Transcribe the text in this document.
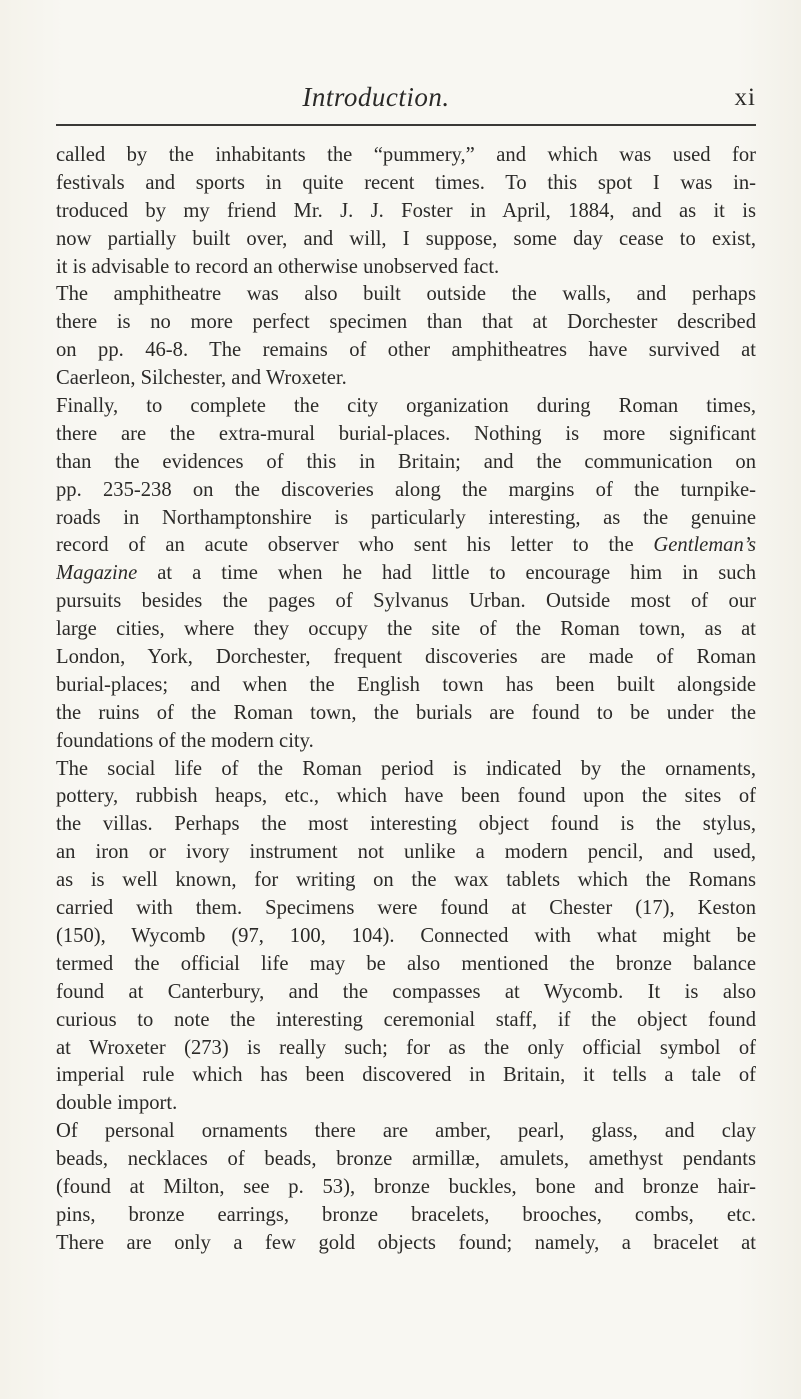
Introduction.	xi
called by the inhabitants the “pummery,” and which was used for
festivals and sports in quite recent times. To this spot I was in-
troduced by my friend Mr. J. J. Foster in April, 1884, and as it is
now partially built over, and will, I suppose, some day cease to exist,
it is advisable to record an otherwise unobserved fact.
The amphitheatre was also built outside the walls, and perhaps
there is no more perfect specimen than that at Dorchester described
on pp. 46-8. The remains of other amphitheatres have survived at
Caerleon, Silchester, and Wroxeter.
Finally, to complete the city organization during Roman times,
there are the extra-mural burial-places. Nothing is more significant
than the evidences of this in Britain; and the communication on
pp. 235-238 on the discoveries along the margins of the turnpike-
roads in Northamptonshire is particularly interesting, as the genuine
record of an acute observer who sent his letter to the Gentleman’s
Magazine at a time when he had little to encourage him in such
pursuits besides the pages of Sylvanus Urban. Outside most of our
large cities, where they occupy the site of the Roman town, as at
London, York, Dorchester, frequent discoveries are made of Roman
burial-places; and when the English town has been built alongside
the ruins of the Roman town, the burials are found to be under the
foundations of the modern city.
The social life of the Roman period is indicated by the ornaments,
pottery, rubbish heaps, etc., which have been found upon the sites of
the villas. Perhaps the most interesting object found is the stylus,
an iron or ivory instrument not unlike a modern pencil, and used,
as is well known, for writing on the wax tablets which the Romans
carried with them. Specimens were found at Chester (17), Keston
(150), Wycomb (97, 100, 104). Connected with what might be
termed the official life may be also mentioned the bronze balance
found at Canterbury, and the compasses at Wycomb. It is also
curious to note the interesting ceremonial staff, if the object found
at Wroxeter (273) is really such; for as the only official symbol of
imperial rule which has been discovered in Britain, it tells a tale of
double import.
Of personal ornaments there are amber, pearl, glass, and clay
beads, necklaces of beads, bronze armillæ, amulets, amethyst pendants
(found at Milton, see p. 53), bronze buckles, bone and bronze hair-
pins, bronze earrings, bronze bracelets, brooches, combs, etc.
There are only a few gold objects found; namely, a bracelet at
